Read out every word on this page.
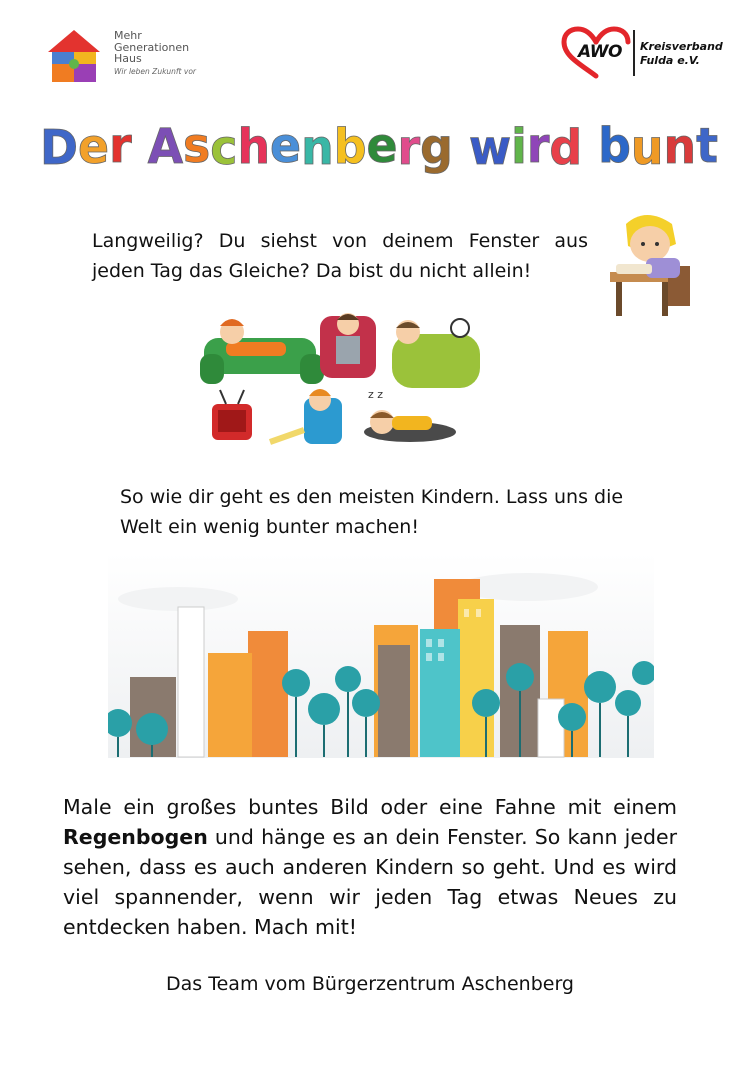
Mehr
Generationen
Haus
Wir leben Zukunft vor
AWO Kreisverband
Fulda e.V.
Der Aschenberg wird bunt
Langweilig? Du siehst von deinem Fenster aus jeden Tag das Gleiche? Da bist du nicht allein!
z z
So wie dir geht es den meisten Kindern. Lass uns die Welt ein wenig bunter machen!
Male ein großes buntes Bild oder eine Fahne mit einem Regenbogen und hänge es an dein Fenster. So kann jeder sehen, dass es auch anderen Kindern so geht. Und es wird viel spannender, wenn wir jeden Tag etwas Neues zu entdecken haben. Mach mit!
Das Team vom Bürgerzentrum Aschenberg
